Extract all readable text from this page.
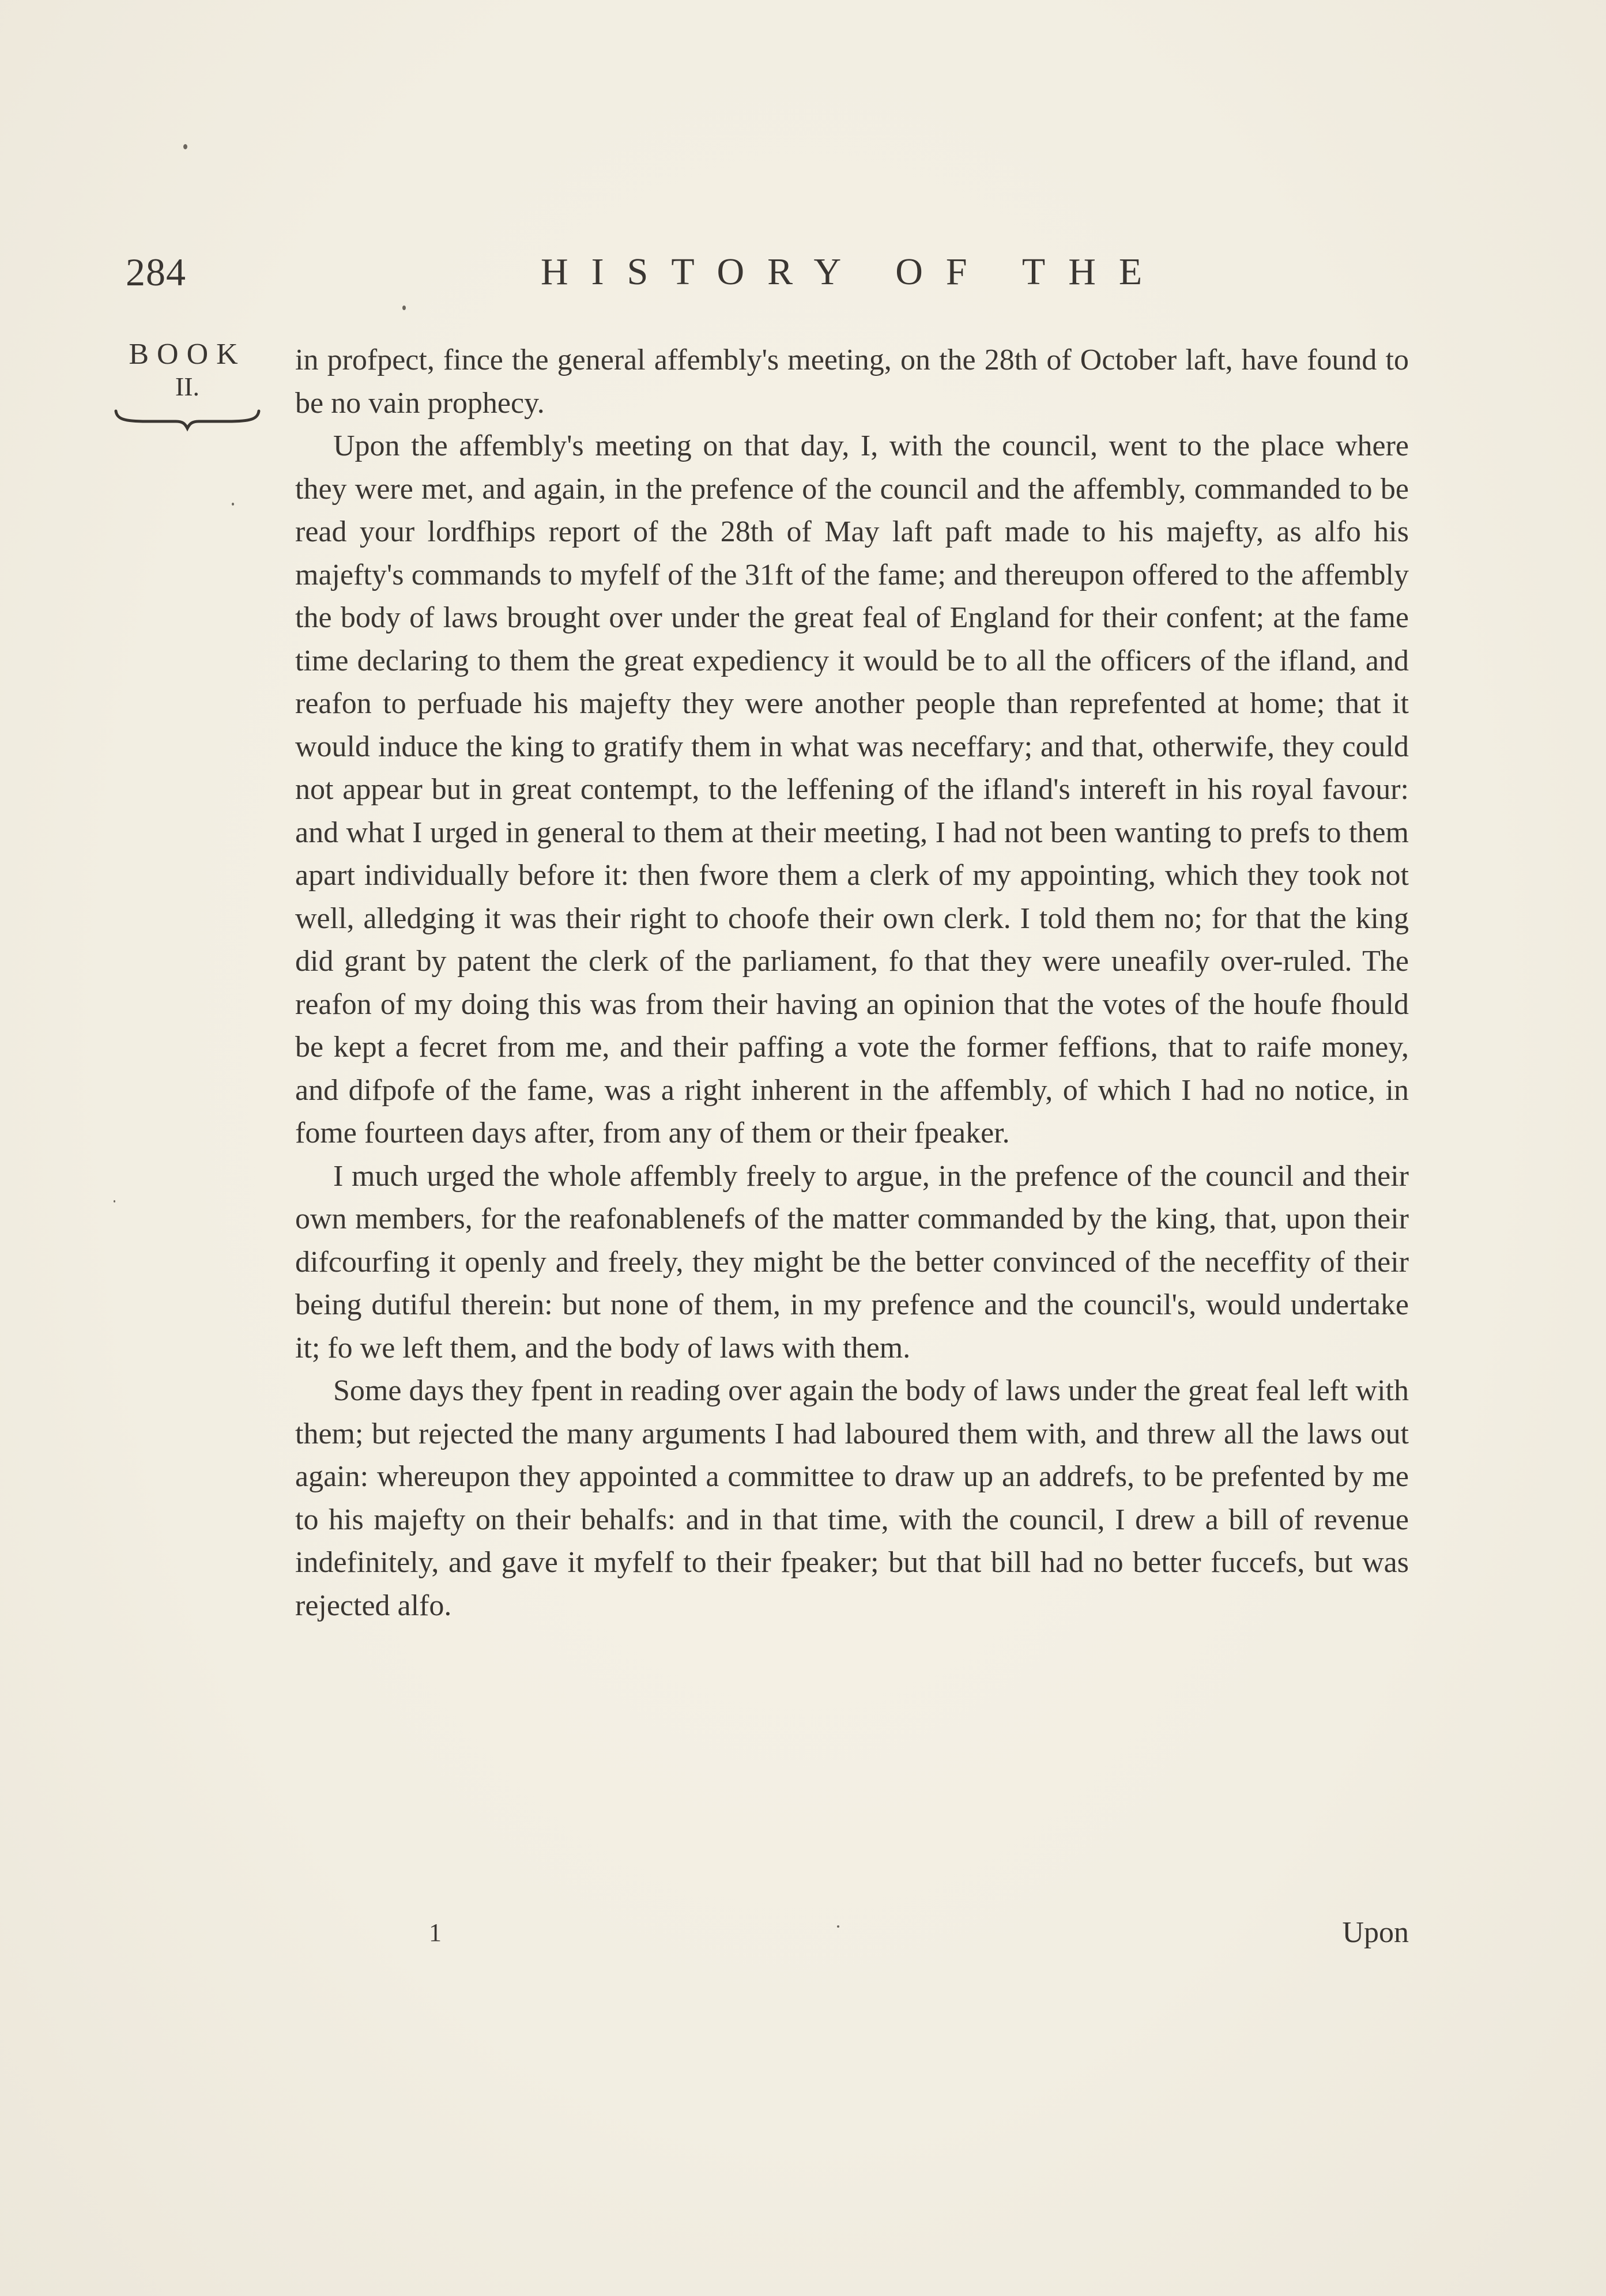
284	HISTORY OF THE
BOOK
II.

in profpect, fince the general affembly's meeting, on the 28th of October laft, have found to be no vain prophecy.

Upon the affembly's meeting on that day, I, with the council, went to the place where they were met, and again, in the prefence of the council and the affembly, commanded to be read your lordfhips report of the 28th of May laft paft made to his majefty, as alfo his majefty's commands to myfelf of the 31ft of the fame; and thereupon offered to the affembly the body of laws brought over under the great feal of England for their confent; at the fame time declaring to them the great expediency it would be to all the officers of the ifland, and reafon to perfuade his majefty they were another people than reprefented at home; that it would induce the king to gratify them in what was neceffary; and that, otherwife, they could not appear but in great contempt, to the leffening of the ifland's intereft in his royal favour: and what I urged in general to them at their meeting, I had not been wanting to prefs to them apart individually before it: then fwore them a clerk of my appointing, which they took not well, alledging it was their right to choofe their own clerk. I told them no; for that the king did grant by patent the clerk of the parliament, fo that they were uneafily over-ruled. The reafon of my doing this was from their having an opinion that the votes of the houfe fhould be kept a fecret from me, and their paffing a vote the former feffions, that to raife money, and difpofe of the fame, was a right inherent in the affembly, of which I had no notice, in fome fourteen days after, from any of them or their fpeaker.

I much urged the whole affembly freely to argue, in the prefence of the council and their own members, for the reafonablenefs of the matter commanded by the king, that, upon their difcourfing it openly and freely, they might be the better convinced of the neceffity of their being dutiful therein: but none of them, in my prefence and the council's, would undertake it; fo we left them, and the body of laws with them.

Some days they fpent in reading over again the body of laws under the great feal left with them; but rejected the many arguments I had laboured them with, and threw all the laws out again: whereupon they appointed a committee to draw up an addrefs, to be prefented by me to his majefty on their behalfs: and in that time, with the council, I drew a bill of revenue indefinitely, and gave it myfelf to their fpeaker; but that bill had no better fuccefs, but was rejected alfo.

1	Upon
